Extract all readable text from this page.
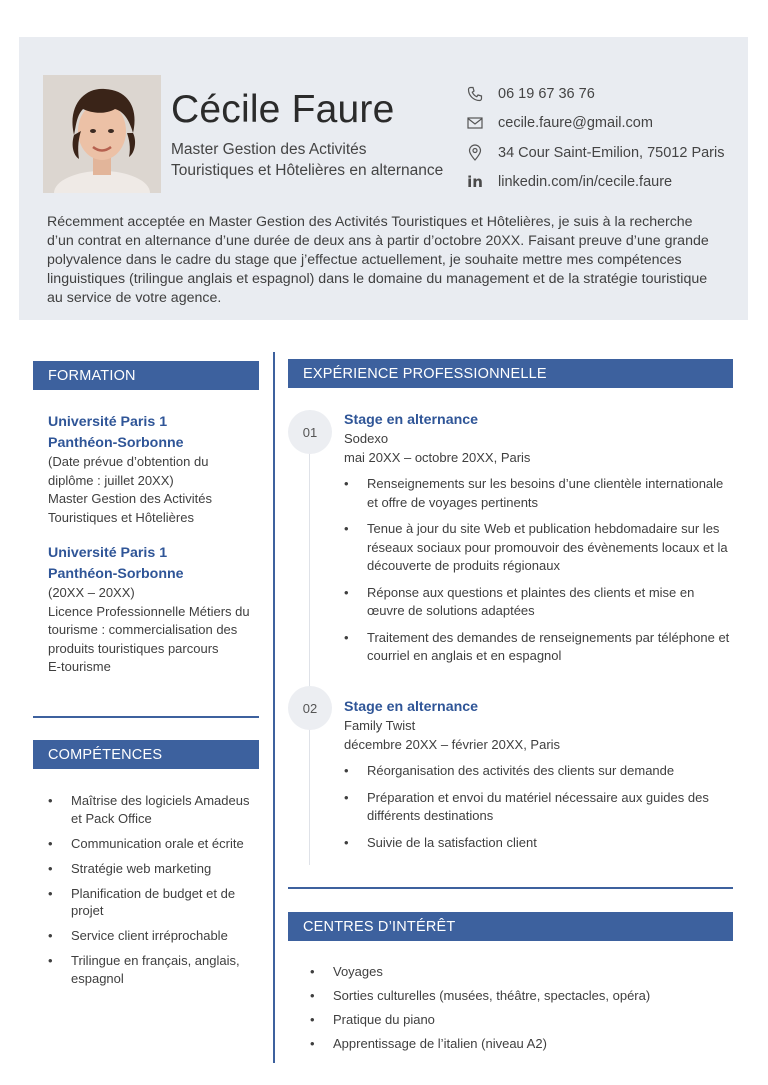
Cécile Faure
Master Gestion des Activités
Touristiques et Hôtelières en alternance
06 19 67 36 76
cecile.faure@gmail.com
34 Cour Saint-Emilion, 75012 Paris
in linkedin.com/in/cecile.faure
Récemment acceptée en Master Gestion des Activités Touristiques et Hôtelières, je suis à la recherche
d’un contrat en alternance d’une durée de deux ans à partir d’octobre 20XX. Faisant preuve d’une grande
polyvalence dans le cadre du stage que j’effectue actuellement, je souhaite mettre mes compétences
linguistiques (trilingue anglais et espagnol) dans le domaine du management et de la stratégie touristique
au service de votre agence.
FORMATION
Université Paris 1
Panthéon-Sorbonne
(Date prévue d’obtention du
diplôme : juillet 20XX)
Master Gestion des Activités
Touristiques et Hôtelières
Université Paris 1
Panthéon-Sorbonne
(20XX – 20XX)
Licence Professionnelle Métiers du
tourisme : commercialisation des
produits touristiques parcours
E-tourisme
COMPÉTENCES
• Maîtrise des logiciels Amadeus et Pack Office
• Communication orale et écrite
• Stratégie web marketing
• Planification de budget et de projet
• Service client irréprochable
• Trilingue en français, anglais, espagnol
EXPÉRIENCE PROFESSIONNELLE
01
Stage en alternance
Sodexo
mai 20XX – octobre 20XX, Paris
• Renseignements sur les besoins d’une clientèle internationale et offre de voyages pertinents
• Tenue à jour du site Web et publication hebdomadaire sur les réseaux sociaux pour promouvoir des évènements locaux et la découverte de produits régionaux
• Réponse aux questions et plaintes des clients et mise en œuvre de solutions adaptées
• Traitement des demandes de renseignements par téléphone et courriel en anglais et en espagnol
02	Stage en alternance
Family Twist
décembre 20XX – février 20XX, Paris
• Réorganisation des activités des clients sur demande
• Préparation et envoi du matériel nécessaire aux guides des différents destinations
• Suivie de la satisfaction client
CENTRES D’INTÉRÊT
• Voyages
• Sorties culturelles (musées, théâtre, spectacles, opéra)
• Pratique du piano
• Apprentissage de l’italien (niveau A2)
